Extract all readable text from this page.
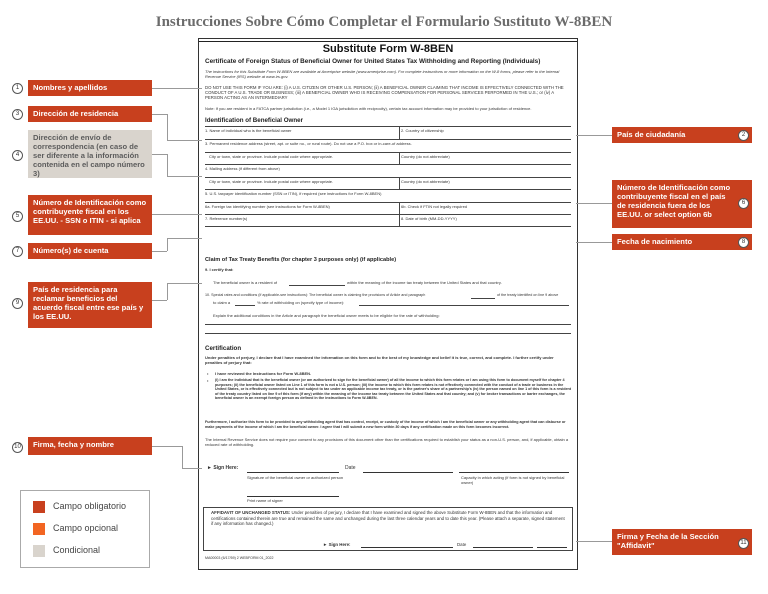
Instrucciones Sobre Cómo Completar el Formulario Sustituto W-8BEN
Substitute Form W-8BEN
Certificate of Foreign Status of Beneficial Owner for United States Tax Withholding and Reporting (Individuals)
The instructions for this Substitute Form W-8BEN are available at Ameriprise website (www.ameriprise.com). For complete instructions or more information on the W-8 forms, please refer to the Internal Revenue Service (IRS) website at www.irs.gov.
DO NOT USE THIS FORM IF YOU ARE: (i) A U.S. CITIZEN OR OTHER U.S. PERSON; (ii) A BENEFICIAL OWNER CLAIMING THAT INCOME IS EFFECTIVELY CONNECTED WITH THE CONDUCT OF A U.S. TRADE OR BUSINESS; (iii) A BENEFICIAL OWNER WHO IS RECEIVING COMPENSATION FOR PERSONAL SERVICES PERFORMED IN THE U.S.; or (iv) A PERSON ACTING AS AN INTERMEDIARY
Note: If you are resident in a FATCA partner jurisdiction (i.e., a Model 1 IGA jurisdiction with reciprocity), certain tax account information may be provided to your jurisdiction of residence.
Identification of Beneficial Owner
1. Name of individual who is the beneficial owner	2. Country of citizenship
3. Permanent residence address (street, apt. or suite no., or rural route). Do not use a P.O. box or in-care-of address.
City or town, state or province. Include postal code where appropriate.	Country (do not abbreviate)
4. Mailing address (if different from above)
City or town, state or province. Include postal code where appropriate.	Country (do not abbreviate)
5. U.S. taxpayer identification number (SSN or ITIN), if required (see instructions for Form W-8BEN)
6a. Foreign tax identifying number (see instructions for Form W-8BEN)	6b. Check if FTIN not legally required
7. Reference number(s)	8. Date of birth (MM-DD-YYYY)
Claim of Tax Treaty Benefits (for chapter 3 purposes only) (if applicable)
9. I certify that:
The beneficial owner is a resident of	within the meaning of the income tax treaty between the United States and that country.
10. Special rates and conditions (if applicable-see instructions): The beneficial owner is claiming the provisions of Article and paragraph	of the treaty identified on line 9 above
to claim a	% rate of withholding on (specify type of income):
Explain the additional conditions in the Article and paragraph the beneficial owner meets to be eligible for the rate of withholding:
Certification
Under penalties of perjury, I declare that I have examined the information on this form and to the best of my knowledge and belief it is true, correct, and complete. I further certify under penalties of perjury that:
• I have reviewed the Instructions for Form W-8BEN.
• (i) I am the individual that is the beneficial owner (or am authorized to sign for the beneficial owner) of all the income to which this form relates or I am using this form to document myself for chapter 4 purposes; (ii) the beneficial owner listed on Line 1 of this form is not a U.S. person; (iii) the income to which this form relates is not effectively connected with the conduct of a trade or business in the United States, or is effectively connected but is not subject to tax under an applicable income tax treaty, or is the partner's share of a partnership's (iv) the person named on line 1 of this form is a resident of the treaty country listed on line 9 of this form (if any) within the meaning of the income tax treaty between the United States and that country; and (v) for broker transactions or barter exchanges, the beneficial owner is an exempt foreign person as defined in the instructions to Form W-8BEN.
Furthermore, I authorize this form to be provided to any withholding agent that has control, receipt, or custody of the income of which I am the beneficial owner or any withholding agent that can disburse or make payments of the income of which I am the beneficial owner. I agree that I will submit a new form within 30 days if any certification made on this form becomes incorrect.
The Internal Revenue Service does not require your consent to any provisions of this document other than the certifications required to establish your status as a non-U.S. person, and, if applicable, obtain a reduced rate of withholding.
► Sign Here:	Date
Signature of the beneficial owner or authorized person	Capacity in which acting (if form is not signed by beneficial owner)
Print name of signer
AFFIDAVIT OF UNCHANGED STATUS: Under penalties of perjury, I declare that I have examined and signed the above Substitute Form W-8BEN and that the information and certifications contained therein are true and remained the same and unchanged during the last three calendar years and to date this year. (Please attach a separate, signed statement if any information has changed.)
► Sign Here:	Date
MA00003 (6/17/59) 2 WEBFORM 01_2022
1	Nombres y apellidos
3	Dirección de residencia
4
Dirección de envío de correspondencia (en caso de ser diferente a la información contenida en el campo número 3)
5
Número de Identificación como contribuyente fiscal en los EE.UU. - SSN o ITIN - si aplica
7	Número(s) de cuenta
9
País de residencia para reclamar beneficios del acuerdo fiscal entre ese país y los EE.UU.
10	Firma, fecha y nombre
País de ciudadanía	2
Número de Identificación como contribuyente fiscal en el país de residencia fuera de los EE.UU. or select option 6b
6
Fecha de nacimiento	8
Firma y Fecha de la Sección "Affidavit"	11
Campo obligatorio
Campo opcional
Condicional
